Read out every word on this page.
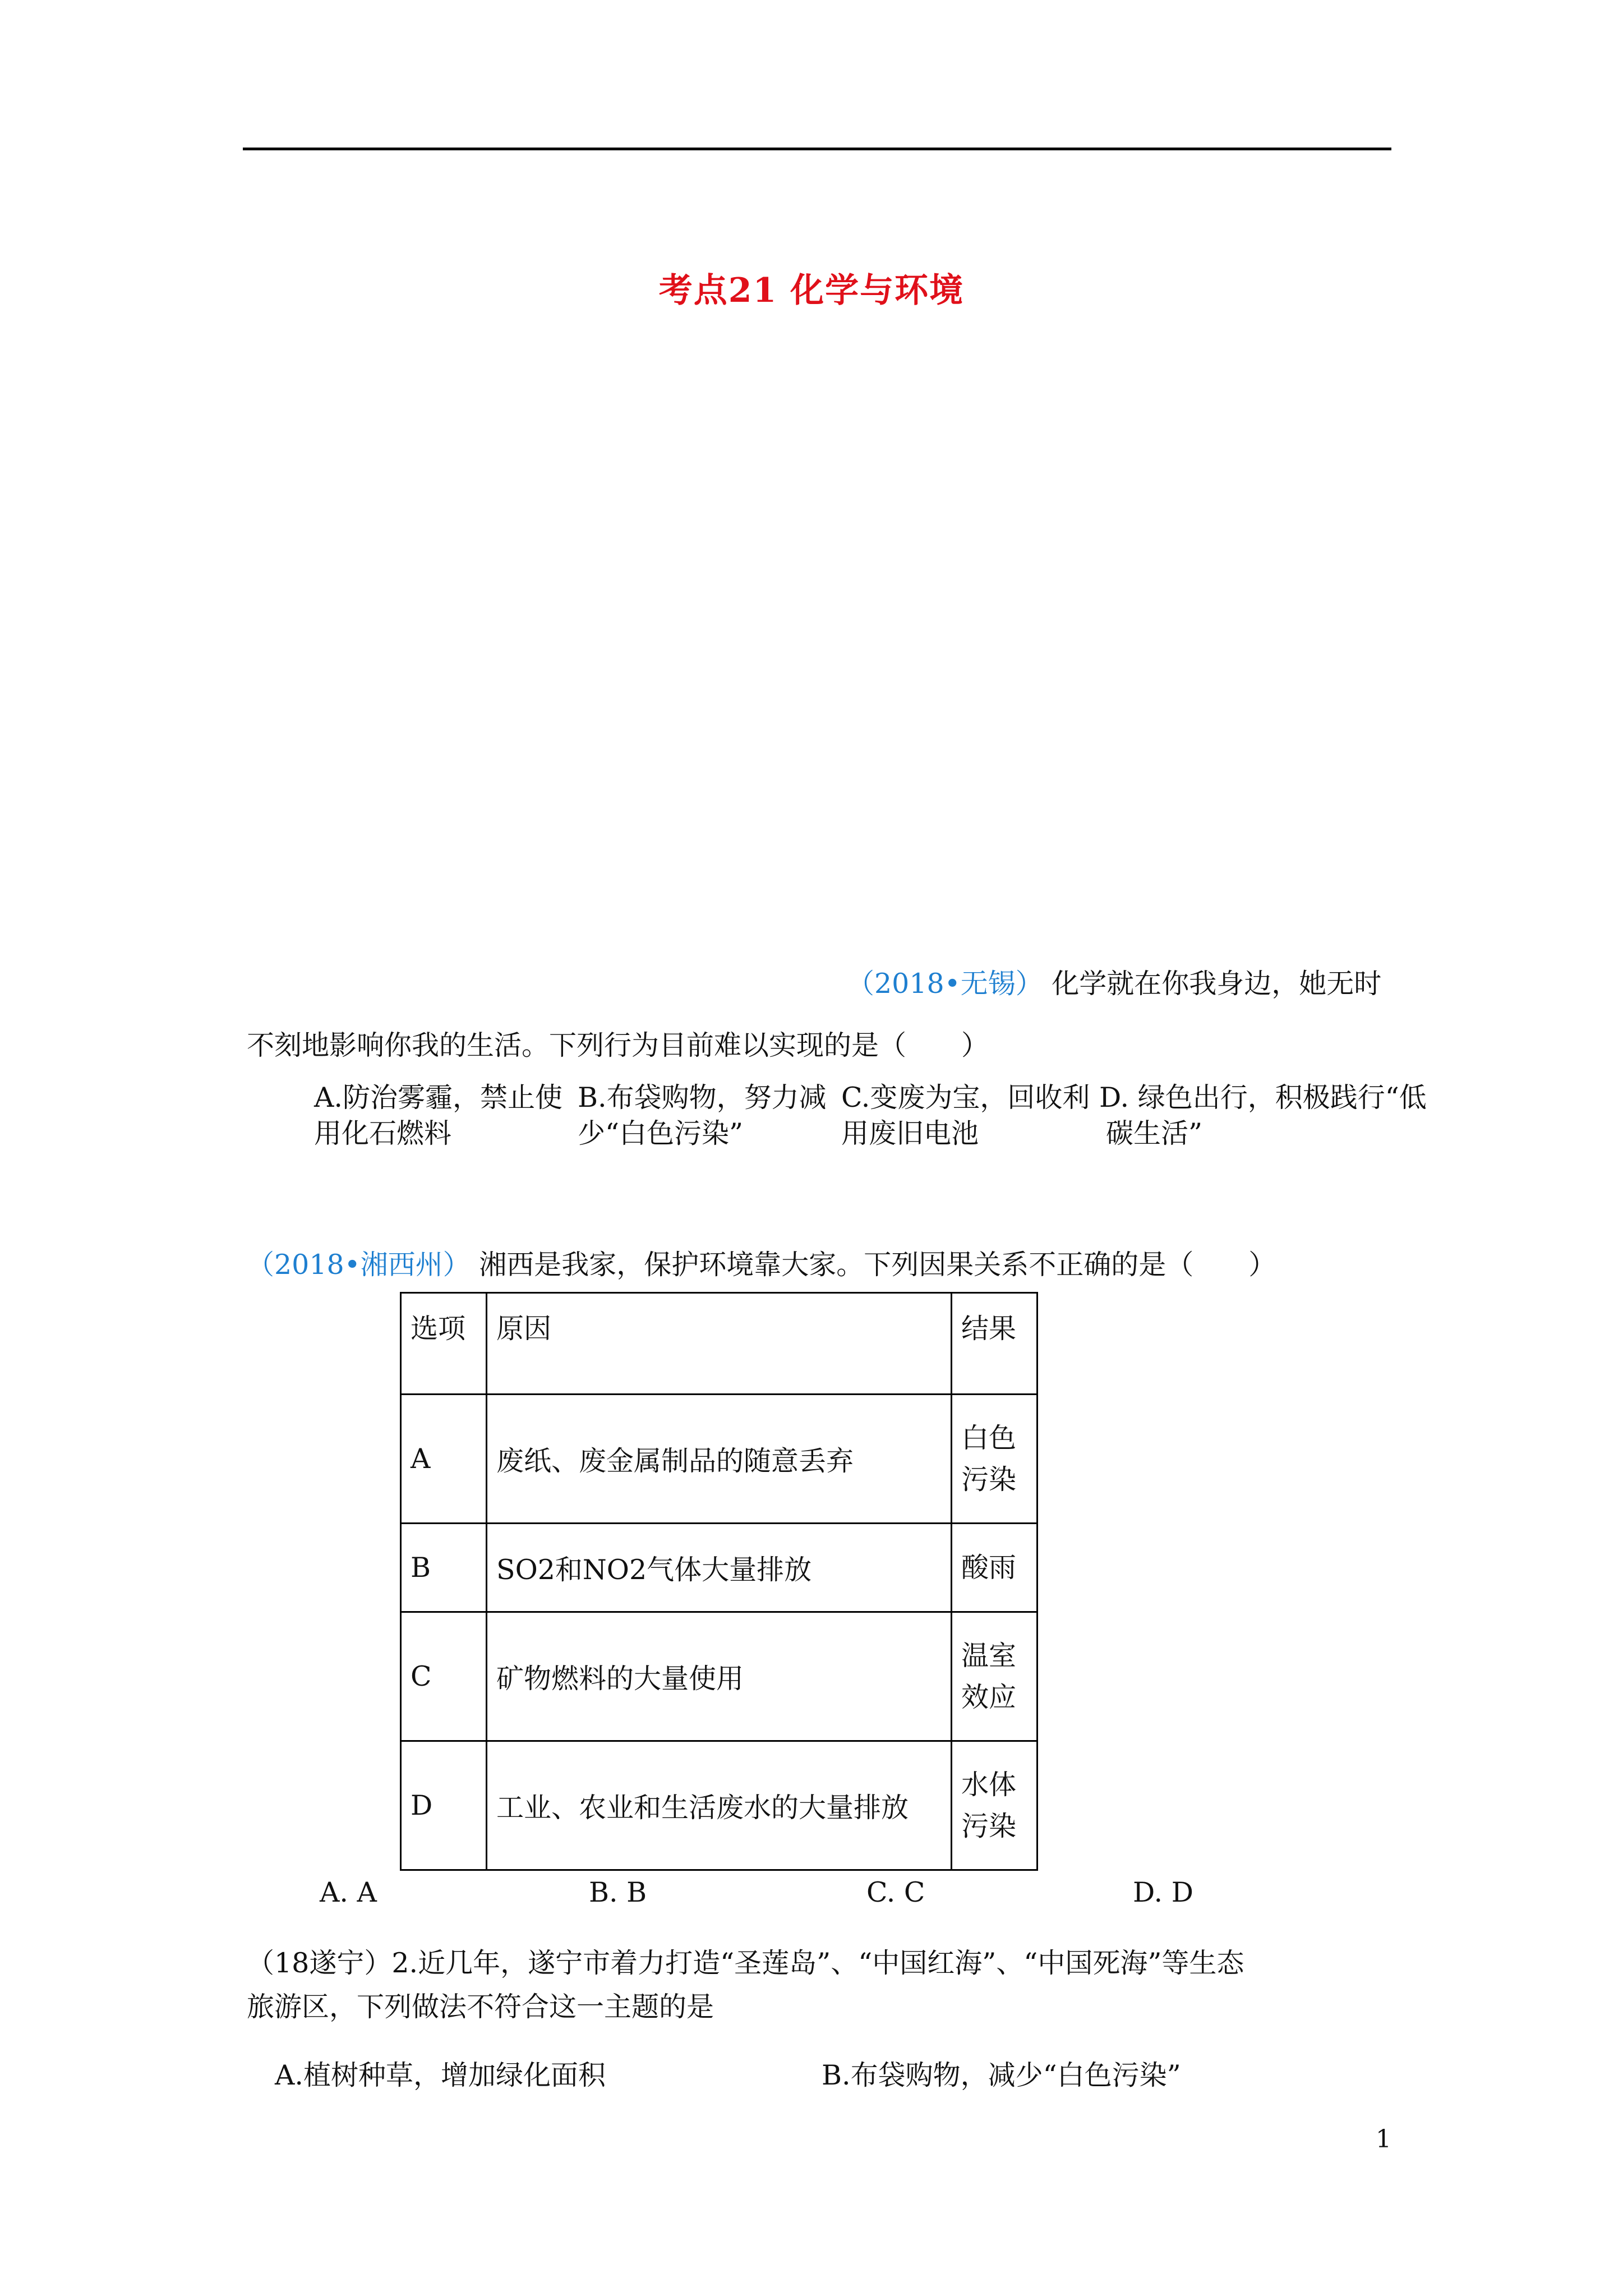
考点21 化学与环境
（2018•无锡） 化学就在你我身边，她无时
不刻地影响你我的生活。下列行为目前难以实现的是（　　）
A.防治雾霾，禁止使
用化石燃料
B.布袋购物，努力减
少“白色污染”
C.变废为宝，回收利
用废旧电池
D. 绿色出行，积极践行“低
碳生活”
（2018•湘西州） 湘西是我家，保护环境靠大家。下列因果关系不正确的是（　　）
选项	原因	结果
A	废纸、废金属制品的随意丢弃	白色
污染

B	SO2和NO2气体大量排放	酸雨

C	矿物燃料的大量使用	温室
效应

D	工业、农业和生活废水的大量排放	水体
污染
A. A	B. B	C. C	D. D
（18遂宁）2.近几年，遂宁市着力打造“圣莲岛”、“中国红海”、“中国死海”等生态
旅游区，下列做法不符合这一主题的是
A.植树种草，增加绿化面积	B.布袋购物，减少“白色污染”
1
